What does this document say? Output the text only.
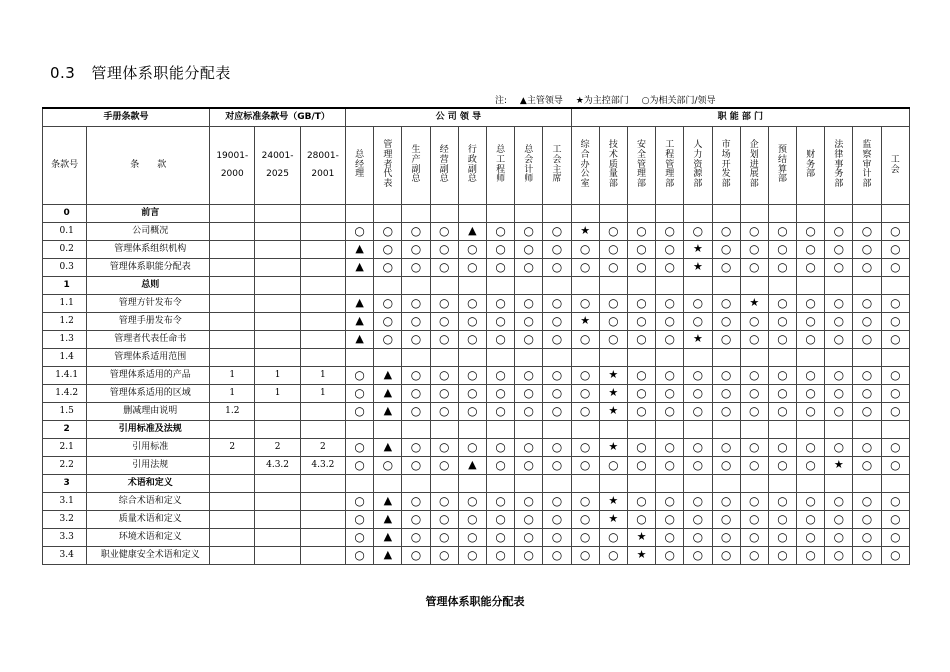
0.3 管理体系职能分配表
注: ▲主管领导 ★为主控部门 ○为相关部门/领导
手册条款号		对应标准条款号（GB/T）			公 司 领 导								职 能 部 门											
条款号	条　　款	19001-2000	24001-2025	28001-2001	总经理	管理者代表	生产副总	经营副总	行政副总	总工程师	总会计师	工会主席	综合办公室	技术质量部	安全管理部	工程管理部	人力资源部	市场开发部	企划进展部	预结算部	财务部	法律事务部	监察审计部	工会
0	前言																							
0.1	公司概况				○	○	○	○	▲	○	○	○	★	○	○	○	○	○	○	○	○	○	○	○
0.2	管理体系组织机构				▲	○	○	○	○	○	○	○	○	○	○	○	★	○	○	○	○	○	○	○
0.3	管理体系职能分配表				▲	○	○	○	○	○	○	○	○	○	○	○	★	○	○	○	○	○	○	○
1	总则																							
1.1	管理方针发布令				▲	○	○	○	○	○	○	○	○	○	○	○	○	○	★	○	○	○	○	○
1.2	管理手册发布令				▲	○	○	○	○	○	○	○	★	○	○	○	○	○	○	○	○	○	○	○
1.3	管理者代表任命书				▲	○	○	○	○	○	○	○	○	○	○	○	★	○	○	○	○	○	○	○
1.4	管理体系适用范围																							
1.4.1	管理体系适用的产品	1	1	1	○	▲	○	○	○	○	○	○	○	★	○	○	○	○	○	○	○	○	○	○
1.4.2	管理体系适用的区域	1	1	1	○	▲	○	○	○	○	○	○	○	★	○	○	○	○	○	○	○	○	○	○
1.5	删减理由说明	1.2			○	▲	○	○	○	○	○	○	○	★	○	○	○	○	○	○	○	○	○	○
2	引用标准及法规																							
2.1	引用标准	2	2	2	○	▲	○	○	○	○	○	○	○	★	○	○	○	○	○	○	○	○	○	○
2.2	引用法规		4.3.2	4.3.2	○	○	○	○	▲	○	○	○	○	○	○	○	○	○	○	○	○	★	○	○
3	术语和定义																							
3.1	综合术语和定义				○	▲	○	○	○	○	○	○	○	★	○	○	○	○	○	○	○	○	○	○
3.2	质量术语和定义				○	▲	○	○	○	○	○	○	○	★	○	○	○	○	○	○	○	○	○	○
3.3	环境术语和定义				○	▲	○	○	○	○	○	○	○	○	★	○	○	○	○	○	○	○	○	○
3.4	职业健康安全术语和定义				○	▲	○	○	○	○	○	○	○	○	★	○	○	○	○	○	○	○	○	○
管理体系职能分配表
